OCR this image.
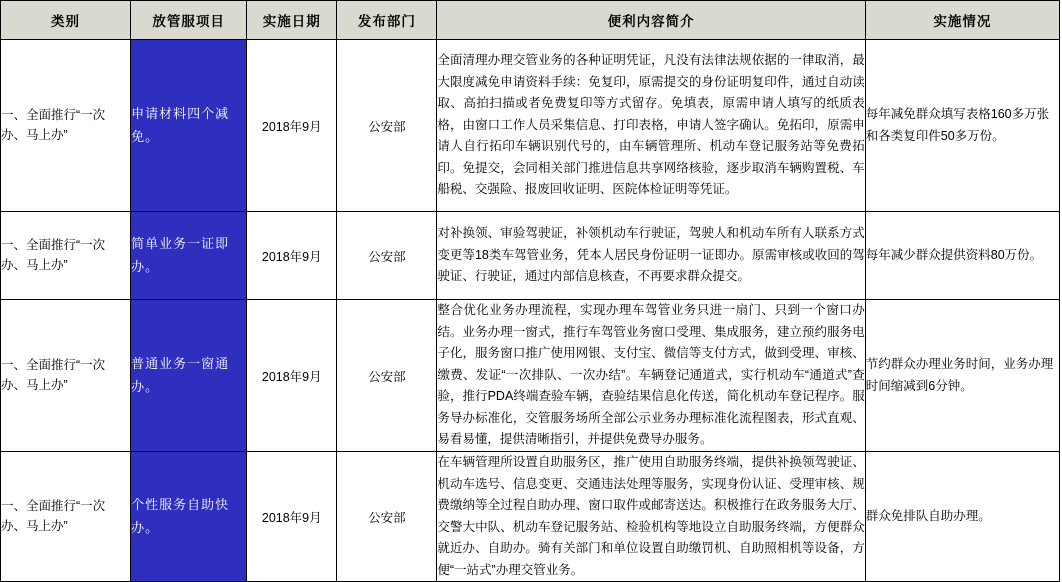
类别	放管服项目	实施日期	发布部门	便利内容简介	实施情况
一、全面推行“一次办、马上办”	申请材料四个减免。	2018年9月	公安部	全面清理办理交管业务的各种证明凭证，凡没有法律法规依据的一律取消，最大限度减免申请资料手续：免复印，原需提交的身份证明复印件，通过自动读取、高拍扫描或者免费复印等方式留存。免填表，原需申请人填写的纸质表格，由窗口工作人员采集信息、打印表格，申请人签字确认。免拓印，原需申请人自行拓印车辆识别代号的，由车辆管理所、机动车登记服务站等免费拓印。免提交，会同相关部门推进信息共享网络核验，逐步取消车辆购置税、车船税、交强险、报废回收证明、医院体检证明等凭证。	每年减免群众填写表格160多万张和各类复印件50多万份。
一、全面推行“一次办、马上办”	简单业务一证即办。	2018年9月	公安部	对补换领、审验驾驶证，补领机动车行驶证，驾驶人和机动车所有人联系方式变更等18类车驾管业务，凭本人居民身份证明一证即办。原需审核或收回的驾驶证、行驶证，通过内部信息核查，不再要求群众提交。	每年减少群众提供资料80万份。
一、全面推行“一次办、马上办”	普通业务一窗通办。	2018年9月	公安部	整合优化业务办理流程，实现办理车驾管业务只进一扇门、只到一个窗口办结。业务办理一窗式，推行车驾管业务窗口受理、集成服务，建立预约服务电子化，服务窗口推广使用网银、支付宝、微信等支付方式，做到受理、审核、缴费、发证“一次排队、一次办结”。车辆登记通道式，实行机动车“通道式”查验，推行PDA终端查验车辆，查验结果信息化传送，简化机动车登记程序。服务导办标准化，交管服务场所全部公示业务办理标准化流程图表，形式直观、易看易懂，提供清晰指引，并提供免费导办服务。	节约群众办理业务时间，业务办理时间缩减到6分钟。
一、全面推行“一次办、马上办”	个性服务自助快办。	2018年9月	公安部	在车辆管理所设置自助服务区，推广使用自助服务终端，提供补换领驾驶证、机动车选号、信息变更、交通违法处理等服务，实现身份认证、受理审核、规费缴纳等全过程自助办理、窗口取件或邮寄送达。积极推行在政务服务大厅、交警大中队、机动车登记服务站、检验机构等地设立自助服务终端，方便群众就近办、自助办。骑有关部门和单位设置自助缴罚机、自助照相机等设备，方便“一站式”办理交管业务。	群众免排队自助办理。
